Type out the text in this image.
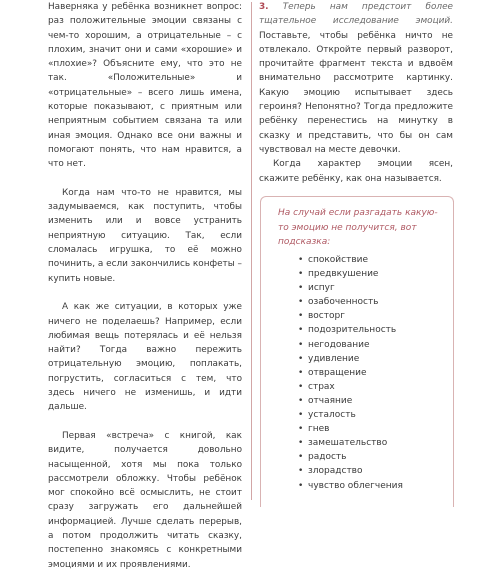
Наверняка у ребёнка возникнет вопрос: раз положительные эмоции связаны с чем-то хорошим, а отрицательные – с плохим, значит они и сами «хорошие» и «плохие»? Объясните ему, что это не так. «Положительные» и «отрицательные» – всего лишь имена, которые показывают, с приятным или неприятным событием связана та или иная эмоция. Однако все они важны и помогают понять, что нам нравится, а что нет.

Когда нам что-то не нравится, мы задумываемся, как поступить, чтобы изменить или и вовсе устранить неприятную ситуацию. Так, если сломалась игрушка, то её можно починить, а если закончились конфеты – купить новые.

А как же ситуации, в которых уже ничего не поделаешь? Например, если любимая вещь потерялась и её нельзя найти? Тогда важно пережить отрицательную эмоцию, поплакать, погрустить, согласиться с тем, что здесь ничего не изменишь, и идти дальше.

Первая «встреча» с книгой, как видите, получается довольно насыщенной, хотя мы пока только рассмотрели обложку. Чтобы ребёнок мог спокойно всё осмыслить, не стоит сразу загружать его дальнейшей информацией. Лучше сделать перерыв, а потом продолжить читать сказку, постепенно знакомясь с конкретными эмоциями и их проявлениями.

3. Теперь нам предстоит более тщательное исследование эмоций. Поставьте, чтобы ребёнка ничто не отвлекало. Откройте первый разворот, прочитайте фрагмент текста и вдвоём внимательно рассмотрите картинку. Какую эмоцию испытывает здесь героиня? Непонятно? Тогда предложите ребёнку перенестись на минутку в сказку и представить, что бы он сам чувствовал на месте девочки.

Когда характер эмоции ясен, скажите ребёнку, как она называется.

На случай если разгадать какую-то эмоцию не получится, вот подсказка:
• спокойствие
• предвкушение
• испуг
• озабоченность
• восторг
• подозрительность
• негодование
• удивление
• отвращение
• страх
• отчаяние
• усталость
• гнев
• замешательство
• радость
• злорадство
• чувство облегчения
